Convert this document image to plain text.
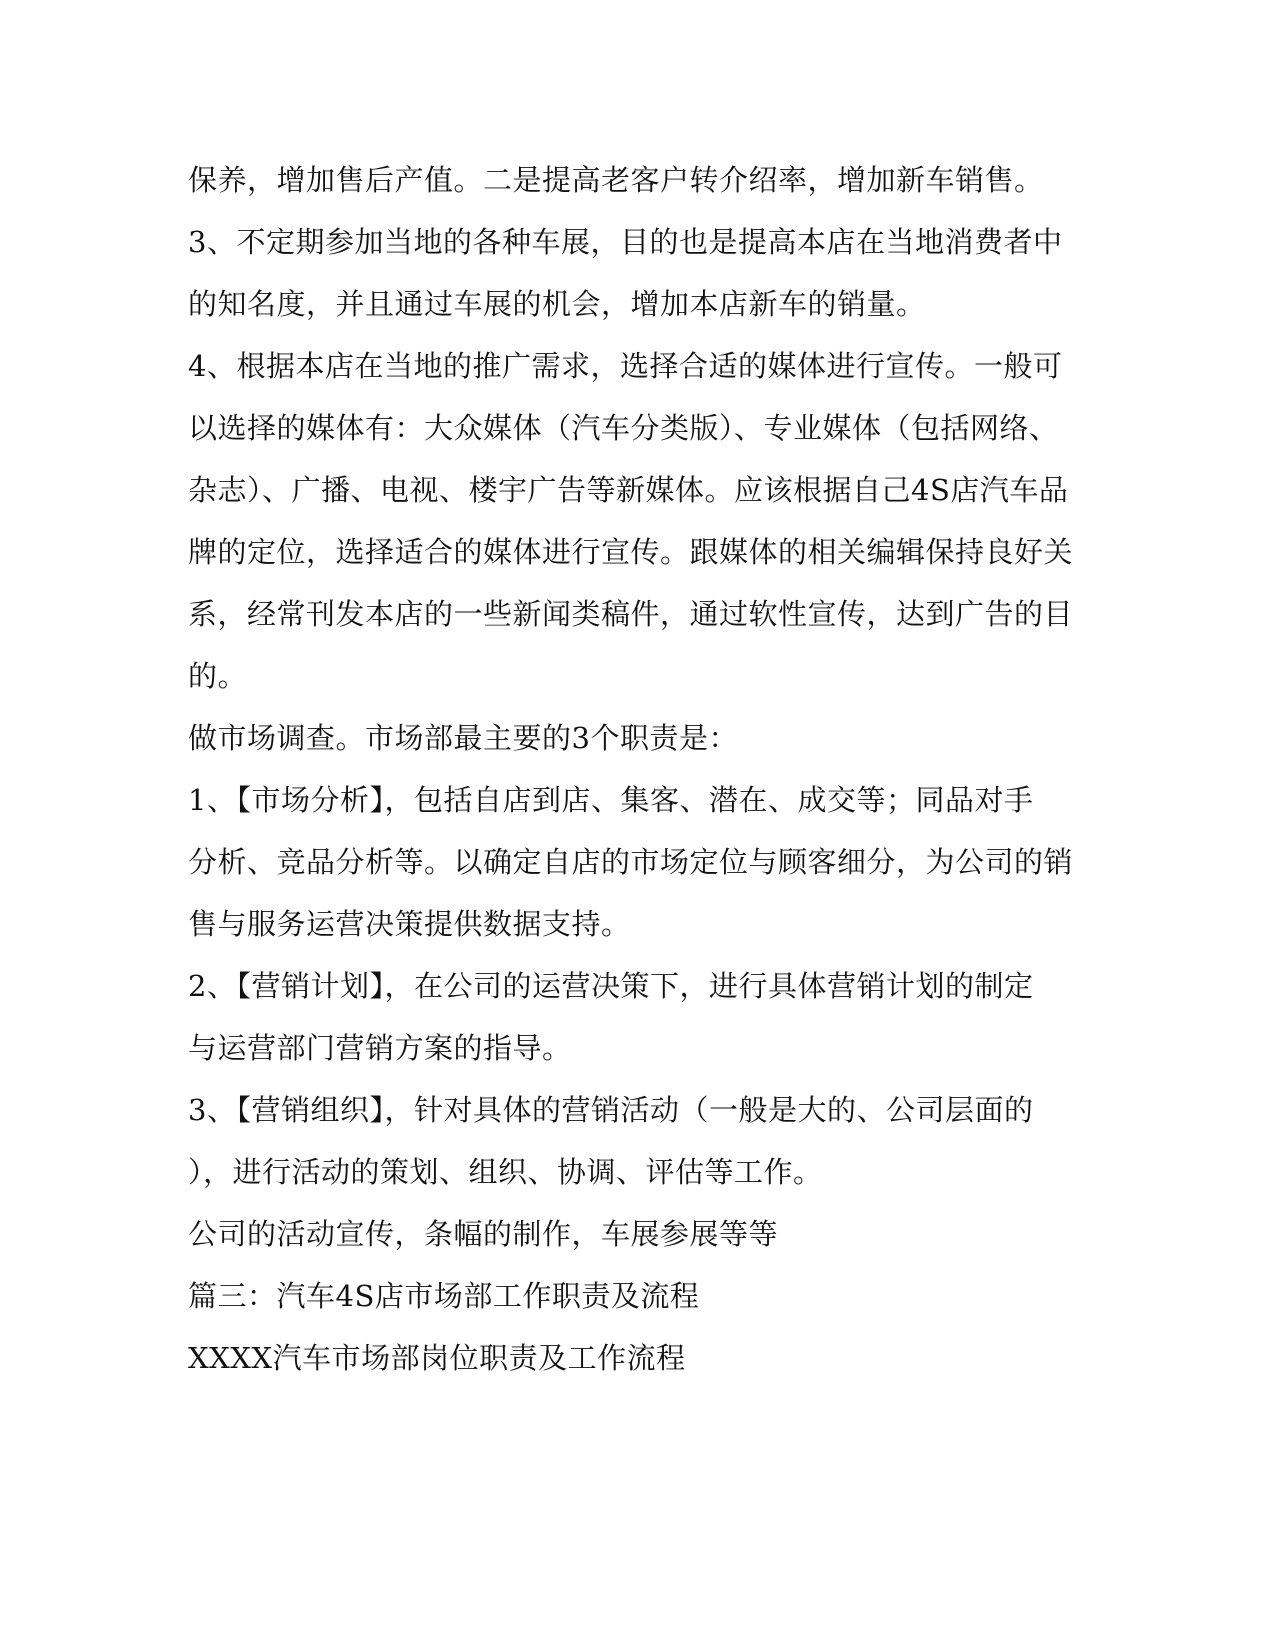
保养，增加售后产值。二是提高老客户转介绍率，增加新车销售。

3、不定期参加当地的各种车展，目的也是提高本店在当地消费者中

的知名度，并且通过车展的机会，增加本店新车的销量。

4、根据本店在当地的推广需求，选择合适的媒体进行宣传。一般可

以选择的媒体有：大众媒体（汽车分类版）、专业媒体（包括网络、

杂志）、广播、电视、楼宇广告等新媒体。应该根据自己4S店汽车品

牌的定位，选择适合的媒体进行宣传。跟媒体的相关编辑保持良好关

系，经常刊发本店的一些新闻类稿件，通过软性宣传，达到广告的目

的。

做市场调查。市场部最主要的3个职责是：

1、【市场分析】，包括自店到店、集客、潜在、成交等；同品对手

分析、竞品分析等。以确定自店的市场定位与顾客细分，为公司的销

售与服务运营决策提供数据支持。

2、【营销计划】，在公司的运营决策下，进行具体营销计划的制定

与运营部门营销方案的指导。

3、【营销组织】，针对具体的营销活动（一般是大的、公司层面的

），进行活动的策划、组织、协调、评估等工作。

公司的活动宣传，条幅的制作，车展参展等等

篇三：汽车4S店市场部工作职责及流程

XXXX汽车市场部岗位职责及工作流程
